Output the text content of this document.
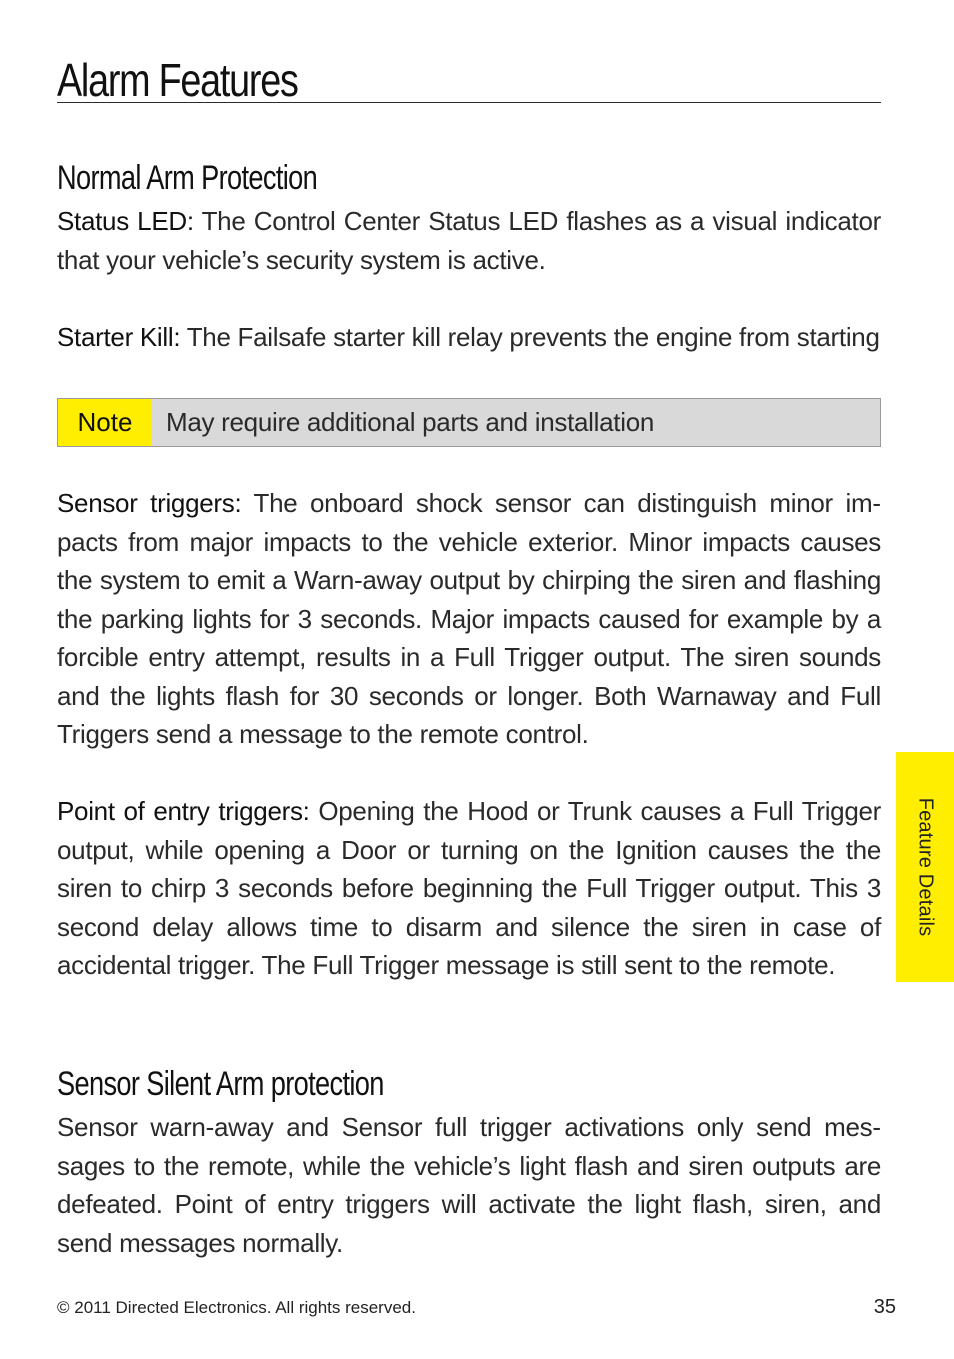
Alarm Features
Normal Arm Protection

Status LED: The Control Center Status LED flashes as a visual indicator that your vehicle’s security system is active.

Starter Kill: The Failsafe starter kill relay prevents the engine from starting

Note	May require additional parts and installation

Sensor triggers: The onboard shock sensor can distinguish minor impacts from major impacts to the vehicle exterior. Minor impacts causes the system to emit a Warn-away output by chirping the siren and flashing the parking lights for 3 seconds. Major impacts caused for example by a forcible entry attempt, results in a Full Trigger output. The siren sounds and the lights flash for 30 seconds or longer. Both Warnaway and Full Triggers send a message to the remote control.

Point of entry triggers: Opening the Hood or Trunk causes a Full Trigger output, while opening a Door or turning on the Ignition causes the the siren to chirp 3 seconds before beginning the Full Trigger output. This 3 second delay allows time to disarm and silence the siren in case of accidental trigger. The Full Trigger message is still sent to the remote.

Sensor Silent Arm protection

Sensor warn-away and Sensor full trigger activations only send messages to the remote, while the vehicle’s light flash and siren outputs are defeated. Point of entry triggers will activate the light flash, siren, and send messages normally.

Feature Details
© 2011 Directed Electronics. All rights reserved.	35
